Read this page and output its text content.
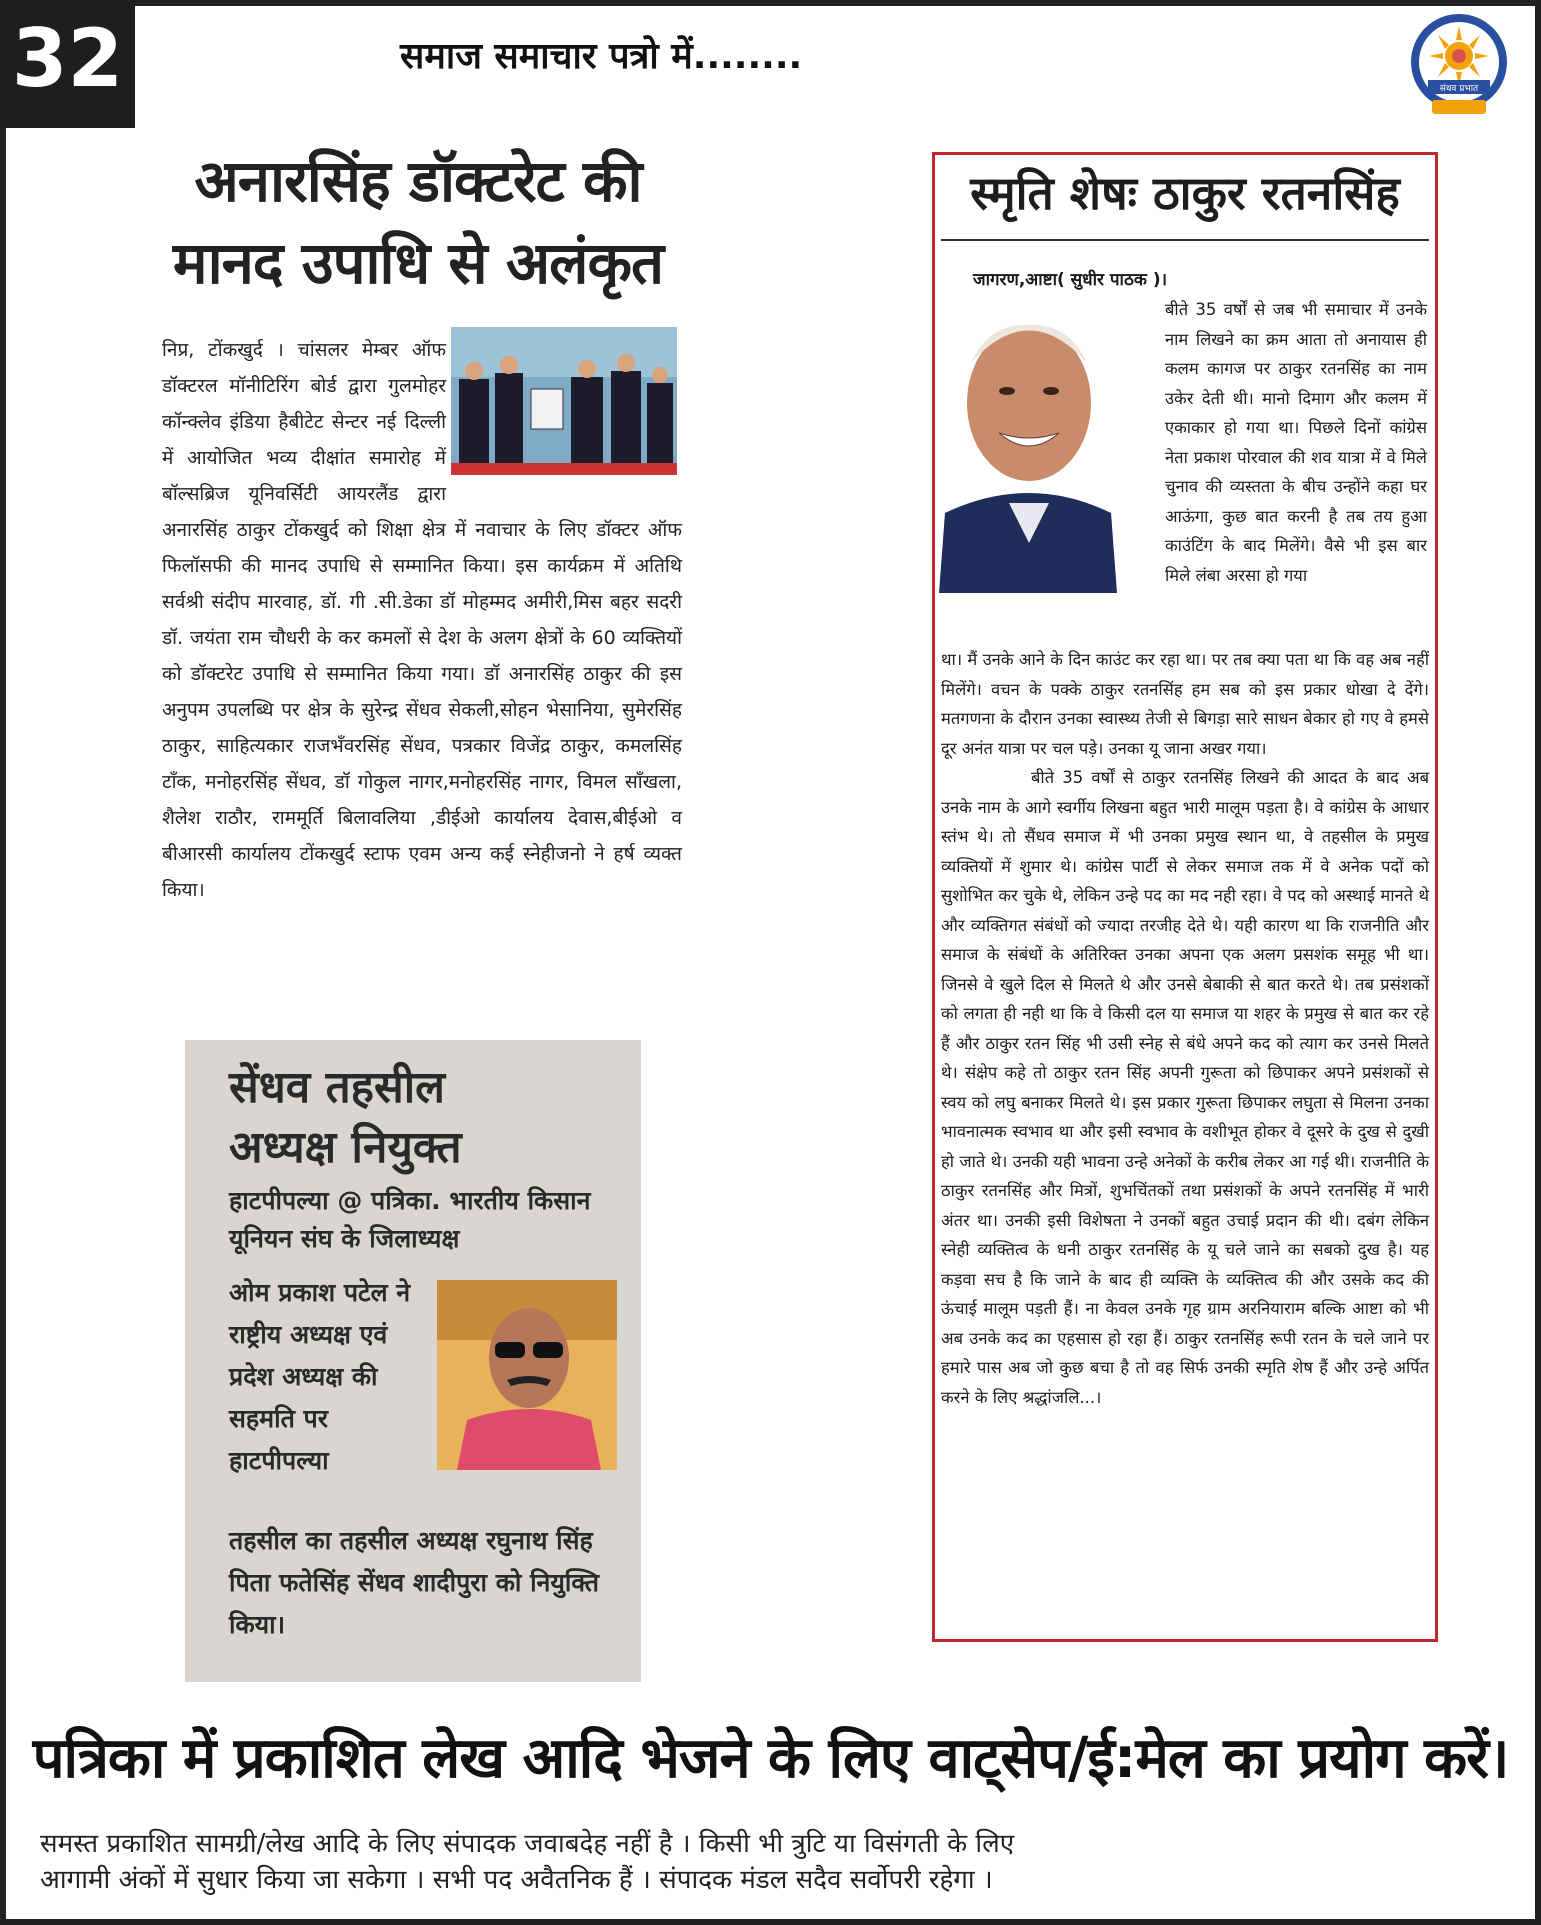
32	समाज समाचार पत्रो में........
संधव प्रभात
अनारसिंह डॉक्टरेट की
मानद उपाधि से अलंकृत
निप्र, टोंकखुर्द । चांसलर मेम्बर ऑफ डॉक्टरल मॉनीटिरिंग बोर्ड द्वारा गुलमोहर कॉन्क्लेव इंडिया हैबीटेट सेन्टर नई दिल्ली में आयोजित भव्य दीक्षांत समारोह में बॉल्सब्रिज यूनिवर्सिटी आयरलैंड द्वारा अनारसिंह ठाकुर टोंकखुर्द को शिक्षा क्षेत्र में नवाचार के लिए डॉक्टर ऑफ फिलॉसफी की मानद उपाधि से सम्मानित किया। इस कार्यक्रम में अतिथि सर्वश्री संदीप मारवाह, डॉ. गी .सी.डेका डॉ मोहम्मद अमीरी,मिस बहर सदरी डॉ. जयंता राम चौधरी के कर कमलों से देश के अलग क्षेत्रों के 60 व्यक्तियों को डॉक्टरेट उपाधि से सम्मानित किया गया। डॉ अनारसिंह ठाकुर की इस अनुपम उपलब्धि पर क्षेत्र के सुरेन्द्र सेंधव सेकली,सोहन भेसानिया, सुमेरसिंह ठाकुर, साहित्यकार राजभँवरसिंह सेंधव, पत्रकार विजेंद्र ठाकुर, कमलसिंह टाँक, मनोहरसिंह सेंधव, डॉ गोकुल नागर,मनोहरसिंह नागर, विमल साँखला, शैलेश राठौर, राममूर्ति बिलावलिया ,डीईओ कार्यालय देवास,बीईओ व बीआरसी कार्यालय टोंकखुर्द स्टाफ एवम अन्य कई स्नेहीजनो ने हर्ष व्यक्त किया।
सेंधव तहसील
अध्यक्ष नियुक्त
हाटपीपल्या @ पत्रिका. भारतीय किसान यूनियन संघ के जिलाध्यक्ष
ओम प्रकाश पटेल ने राष्ट्रीय अध्यक्ष एवं प्रदेश अध्यक्ष की सहमति पर हाटपीपल्या
तहसील का तहसील अध्यक्ष रघुनाथ सिंह पिता फतेसिंह सेंधव शादीपुरा को नियुक्ति किया।
स्मृति शेषः ठाकुर रतनसिंह
जागरण,आष्टा( सुधीर पाठक )।
बीते 35 वर्षों से जब भी समाचार में उनके नाम लिखने का क्रम आता तो अनायास ही कलम कागज पर ठाकुर रतनसिंह का नाम उकेर देती थी। मानो दिमाग और कलम में एकाकार हो गया था। पिछले दिनों कांग्रेस नेता प्रकाश पोरवाल की शव यात्रा में वे मिले चुनाव की व्यस्तता के बीच उन्होंने कहा घर आऊंगा, कुछ बात करनी है तब तय हुआ काउंटिंग के बाद मिलेंगे। वैसे भी इस बार मिले लंबा अरसा हो गया
था। मैं उनके आने के दिन काउंट कर रहा था। पर तब क्या पता था कि वह अब नहीं मिलेंगे। वचन के पक्के ठाकुर रतनसिंह हम सब को इस प्रकार धोखा दे देंगे। मतगणना के दौरान उनका स्वास्थ्य तेजी से बिगड़ा सारे साधन बेकार हो गए वे हमसे दूर अनंत यात्रा पर चल पड़े। उनका यू जाना अखर गया।
बीते 35 वर्षों से ठाकुर रतनसिंह लिखने की आदत के बाद अब उनके नाम के आगे स्वर्गीय लिखना बहुत भारी मालूम पड़ता है। वे कांग्रेस के आधार स्तंभ थे। तो सैंधव समाज में भी उनका प्रमुख स्थान था, वे तहसील के प्रमुख व्यक्तियों में शुमार थे। कांग्रेस पार्टी से लेकर समाज तक में वे अनेक पदों को सुशोभित कर चुके थे, लेकिन उन्हे पद का मद नही रहा। वे पद को अस्थाई मानते थे और व्यक्तिगत संबंधों को ज्यादा तरजीह देते थे। यही कारण था कि राजनीति और समाज के संबंधों के अतिरिक्त उनका अपना एक अलग प्रसशंक समूह भी था। जिनसे वे खुले दिल से मिलते थे और उनसे बेबाकी से बात करते थे। तब प्रसंशकों को लगता ही नही था कि वे किसी दल या समाज या शहर के प्रमुख से बात कर रहे हैं और ठाकुर रतन सिंह भी उसी स्नेह से बंधे अपने कद को त्याग कर उनसे मिलते थे। संक्षेप कहे तो ठाकुर रतन सिंह अपनी गुरूता को छिपाकर अपने प्रसंशकों से स्वय को लघु बनाकर मिलते थे। इस प्रकार गुरूता छिपाकर लघुता से मिलना उनका भावनात्मक स्वभाव था और इसी स्वभाव के वशीभूत होकर वे दूसरे के दुख से दुखी हो जाते थे। उनकी यही भावना उन्हे अनेकों के करीब लेकर आ गई थी। राजनीति के ठाकुर रतनसिंह और मित्रों, शुभचिंतकों तथा प्रसंशकों के अपने रतनसिंह में भारी अंतर था। उनकी इसी विशेषता ने उनकों बहुत उचाई प्रदान की थी। दबंग लेकिन स्नेही व्यक्तित्व के धनी ठाकुर रतनसिंह के यू चले जाने का सबको दुख है। यह कड़वा सच है कि जाने के बाद ही व्यक्ति के व्यक्तित्व की और उसके कद की ऊंचाई मालूम पड़ती हैं। ना केवल उनके गृह ग्राम अरनियाराम बल्कि आष्टा को भी अब उनके कद का एहसास हो रहा हैं। ठाकुर रतनसिंह रूपी रतन के चले जाने पर हमारे पास अब जो कुछ बचा है तो वह सिर्फ उनकी स्मृति शेष हैं और उन्हे अर्पित करने के लिए श्रद्धांजलि...।
पत्रिका में प्रकाशित लेख आदि भेजने के लिए वाट्सेप/ई:मेल का प्रयोग करें।
समस्त प्रकाशित सामग्री/लेख आदि के लिए संपादक जवाबदेह नहीं है । किसी भी त्रुटि या विसंगती के लिए
आगामी अंकों में सुधार किया जा सकेगा । सभी पद अवैतनिक हैं । संपादक मंडल सदैव सर्वोपरी रहेगा ।
